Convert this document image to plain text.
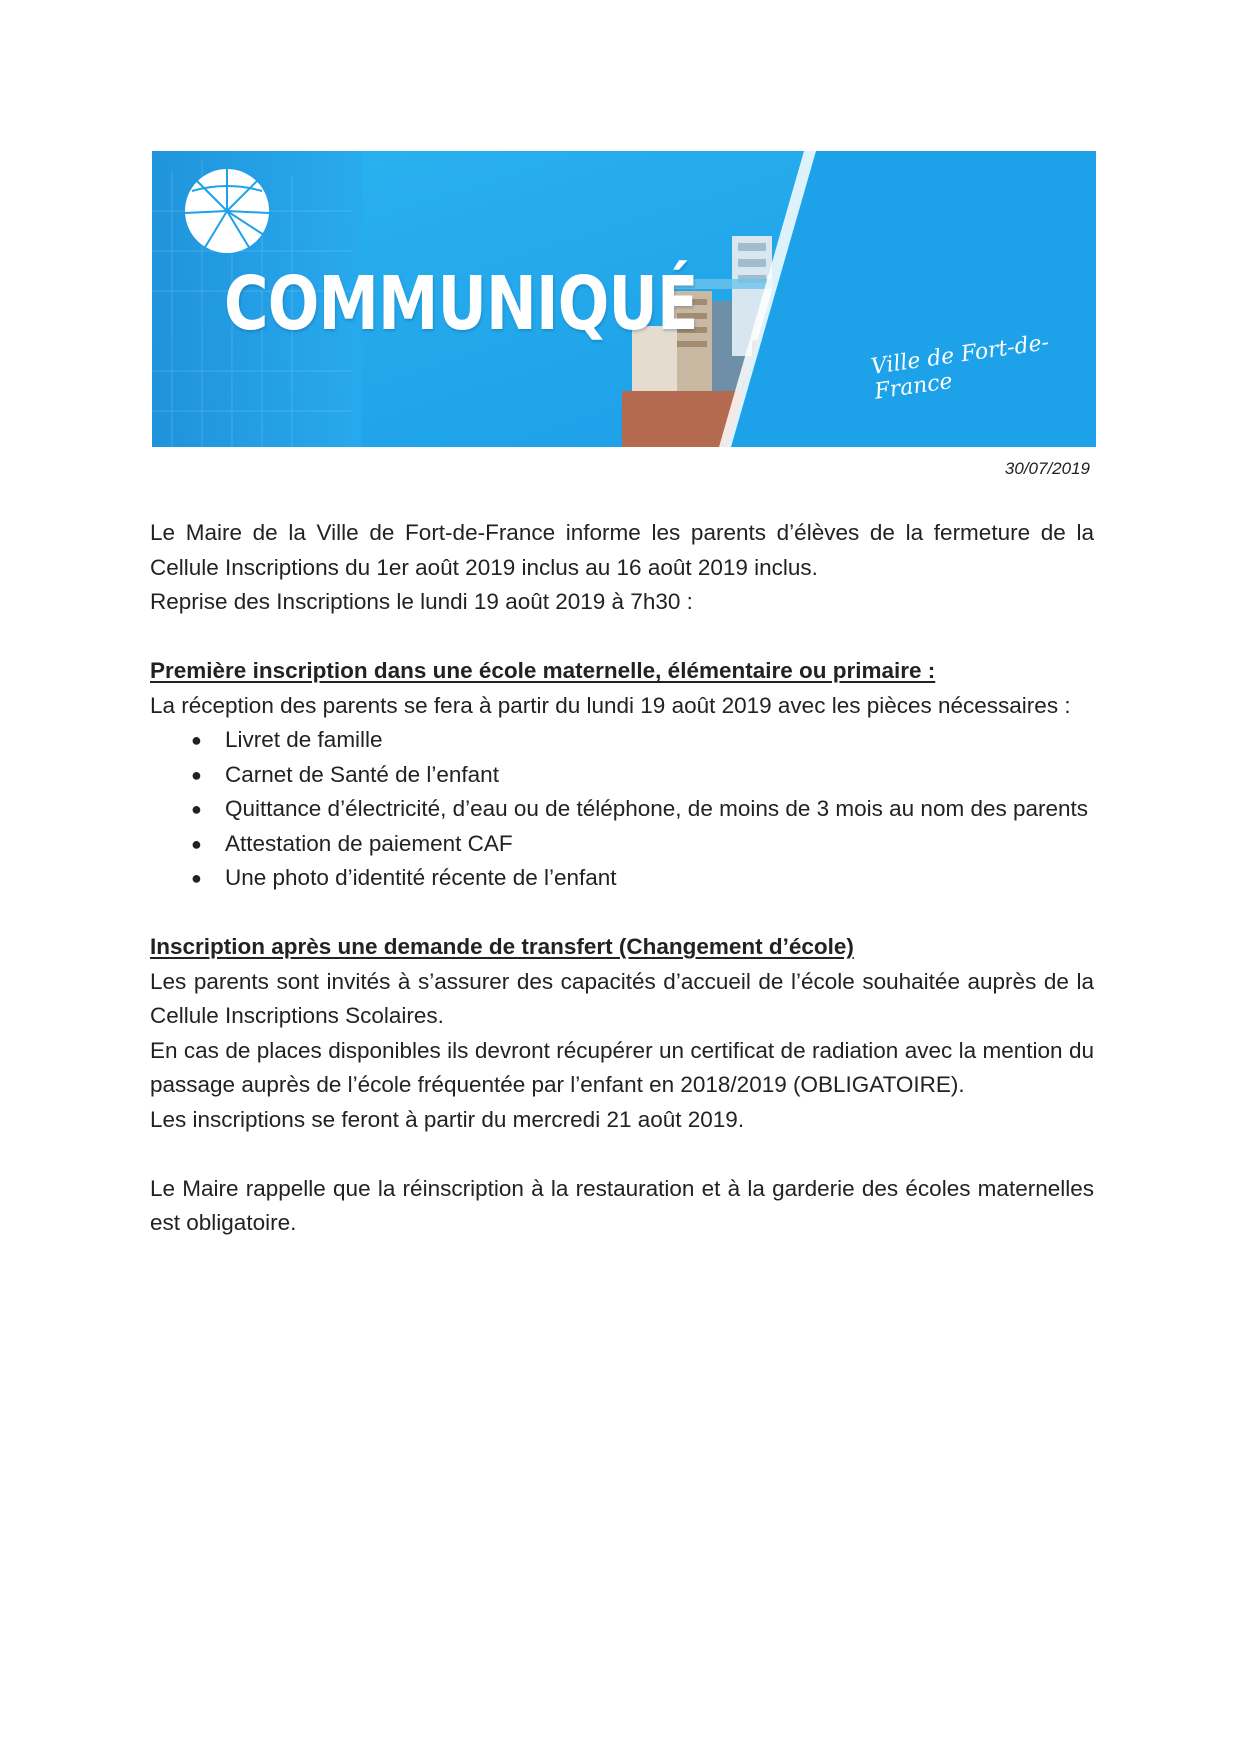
COMMUNIQUÉ
Ville de Fort-de-France
30/07/2019

Le Maire de la Ville de Fort-de-France informe les parents d’élèves de la fermeture de la Cellule Inscriptions du 1er août 2019 inclus au 16 août 2019 inclus.

Reprise des Inscriptions le lundi 19 août 2019 à 7h30 :

Première inscription dans une école maternelle, élémentaire ou primaire :

La réception des parents se fera à partir du lundi 19 août 2019 avec les pièces nécessaires :

● Livret de famille
● Carnet de Santé de l’enfant
● Quittance d’électricité, d’eau ou de téléphone, de moins de 3 mois au nom des parents
● Attestation de paiement CAF
● Une photo d’identité récente de l’enfant

Inscription après une demande de transfert (Changement d’école)

Les parents sont invités à s’assurer des capacités d’accueil de l’école souhaitée auprès de la Cellule Inscriptions Scolaires.

En cas de places disponibles ils devront récupérer un certificat de radiation avec la mention du passage auprès de l’école fréquentée par l’enfant en 2018/2019 (OBLIGATOIRE).

Les inscriptions se feront à partir du mercredi 21 août 2019.

Le Maire rappelle que la réinscription à la restauration et à la garderie des écoles maternelles est obligatoire.
